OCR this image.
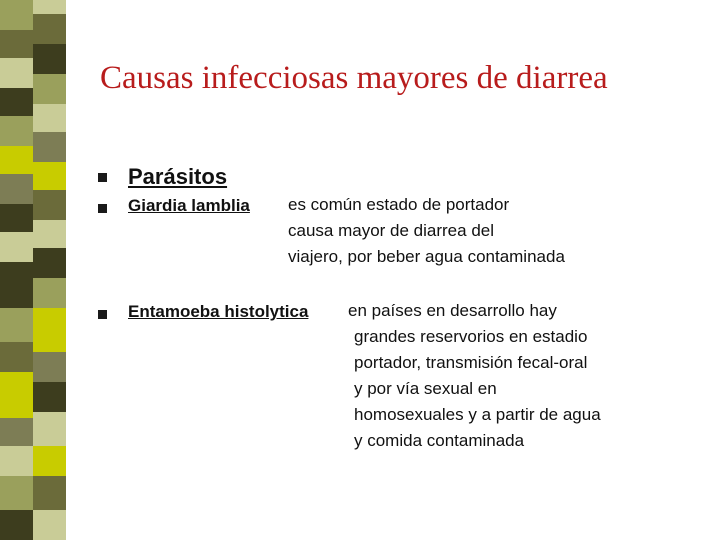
Causas infecciosas mayores de diarrea
Parásitos
Giardia lamblia es común estado de portador
causa mayor de diarrea del
viajero, por beber agua contaminada
Entamoeba histolytica en países en desarrollo hay
grandes reservorios en estadio
portador, transmisión fecal-oral
y por vía sexual en
homosexuales y a partir de agua
y comida contaminada
